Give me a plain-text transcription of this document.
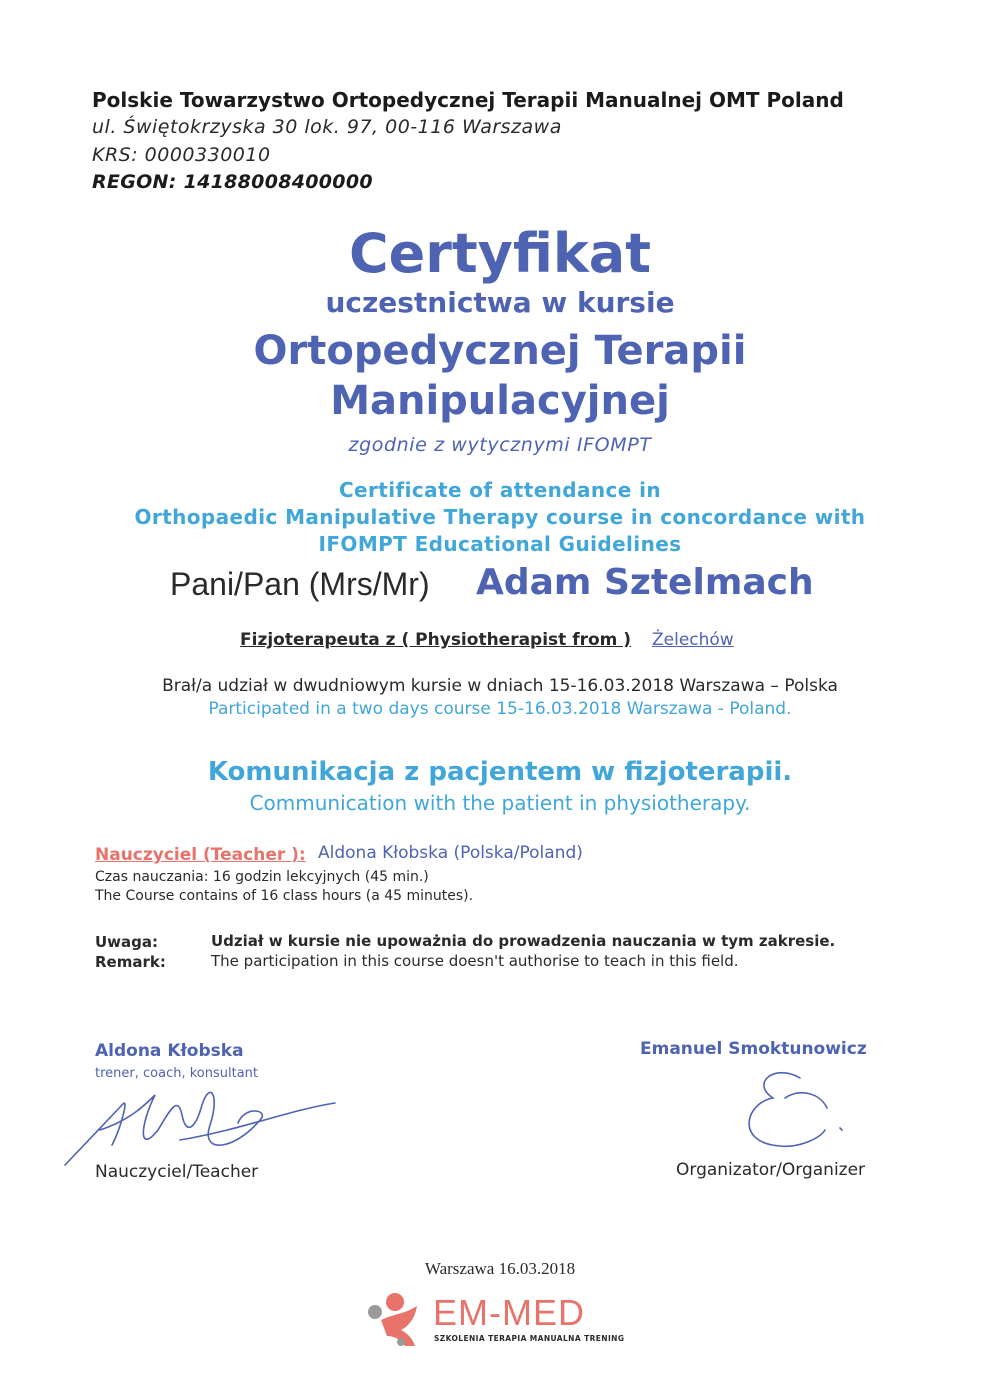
Polskie Towarzystwo Ortopedycznej Terapii Manualnej OMT Poland
ul. Świętokrzyska 30 lok. 97, 00-116 Warszawa
KRS: 0000330010
REGON: 14188008400000
Certyfikat
uczestnictwa w kursie
Ortopedycznej Terapii
Manipulacyjnej
zgodnie z wytycznymi IFOMPT
Certificate of attendance in
Orthopaedic Manipulative Therapy course in concordance with
IFOMPT Educational Guidelines
Pani/Pan (Mrs/Mr) Adam Sztelmach
Fizjoterapeuta z ( Physiotherapist from ) Żelechów
Brał/a udział w dwudniowym kursie w dniach 15-16.03.2018 Warszawa – Polska
Participated in a two days course 15-16.03.2018 Warszawa - Poland.
Komunikacja z pacjentem w fizjoterapii.
Communication with the patient in physiotherapy.
Nauczyciel (Teacher ): Aldona Kłobska (Polska/Poland)
Czas nauczania: 16 godzin lekcyjnych (45 min.)
The Course contains of 16 class hours (a 45 minutes).
Uwaga:
Remark:
Udział w kursie nie upoważnia do prowadzenia nauczania w tym zakresie.
The participation in this course doesn't authorise to teach in this field.
Aldona Kłobska
trener, coach, konsultant
Nauczyciel/Teacher
Emanuel Smoktunowicz
Organizator/Organizer
Warszawa 16.03.2018
EM-MED
SZKOLENIA TERAPIA MANUALNA TRENING
